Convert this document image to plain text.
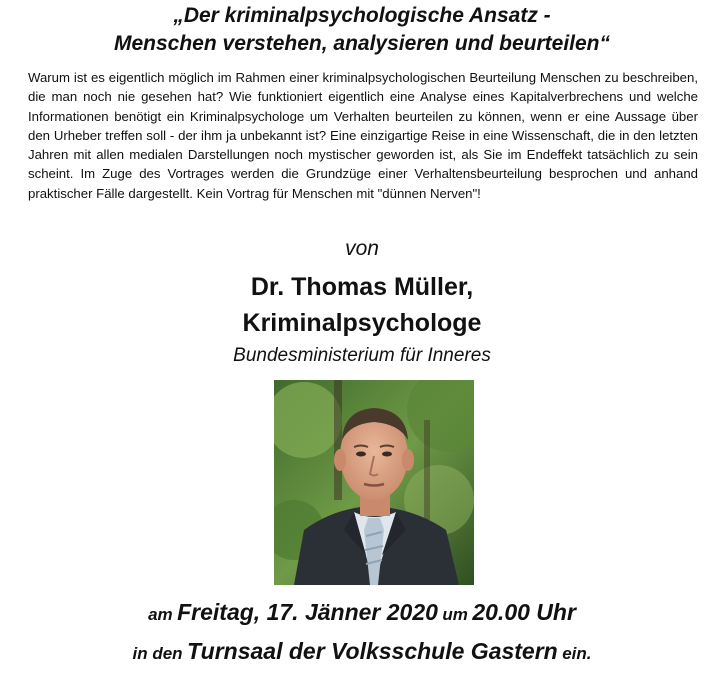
„Der kriminalpsychologische Ansatz -
Menschen verstehen, analysieren und beurteilen“
Warum ist es eigentlich möglich im Rahmen einer kriminalpsychologischen Beurteilung Menschen zu beschreiben, die man noch nie gesehen hat? Wie funktioniert eigentlich eine Analyse eines Kapitalverbrechens und welche Informationen benötigt ein Kriminalpsychologe um Verhalten beurteilen zu können, wenn er eine Aussage über den Urheber treffen soll - der ihm ja unbekannt ist? Eine einzigartige Reise in eine Wissenschaft, die in den letzten Jahren mit allen medialen Darstellungen noch mystischer geworden ist, als Sie im Endeffekt tatsächlich zu sein scheint. Im Zuge des Vortrages werden die Grundzüge einer Verhaltensbeurteilung besprochen und anhand praktischer Fälle dargestellt. Kein Vortrag für Menschen mit "dünnen Nerven"!
von
Dr. Thomas Müller,
Kriminalpsychologe
Bundesministerium für Inneres
am Freitag, 17. Jänner 2020 um 20.00 Uhr
in den Turnsaal der Volksschule Gastern ein.
